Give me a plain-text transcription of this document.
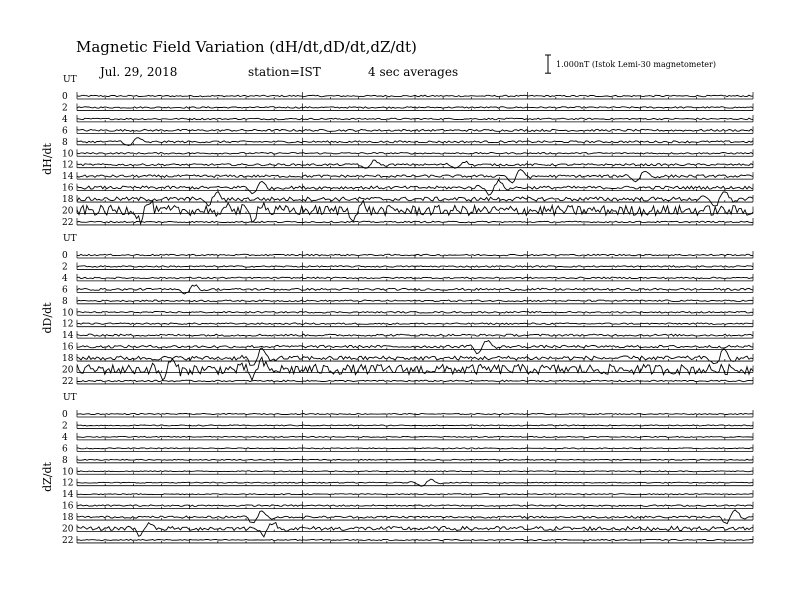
Magnetic Field Variation (dH/dt,dD/dt,dZ/dt)
Jul. 29, 2018	station=IST	4 sec averages
1.000nT (Istok Lemi-30 magnetometer)
UT
dH/dt
0
2
4
6
8
10
12
14
16
18
20
22
UT
dD/dt
0
2
4
6
8
10
12
14
16
18
20
22
UT
dZ/dt
0
2
4
6
8
10
12
14
16
18
20
22
